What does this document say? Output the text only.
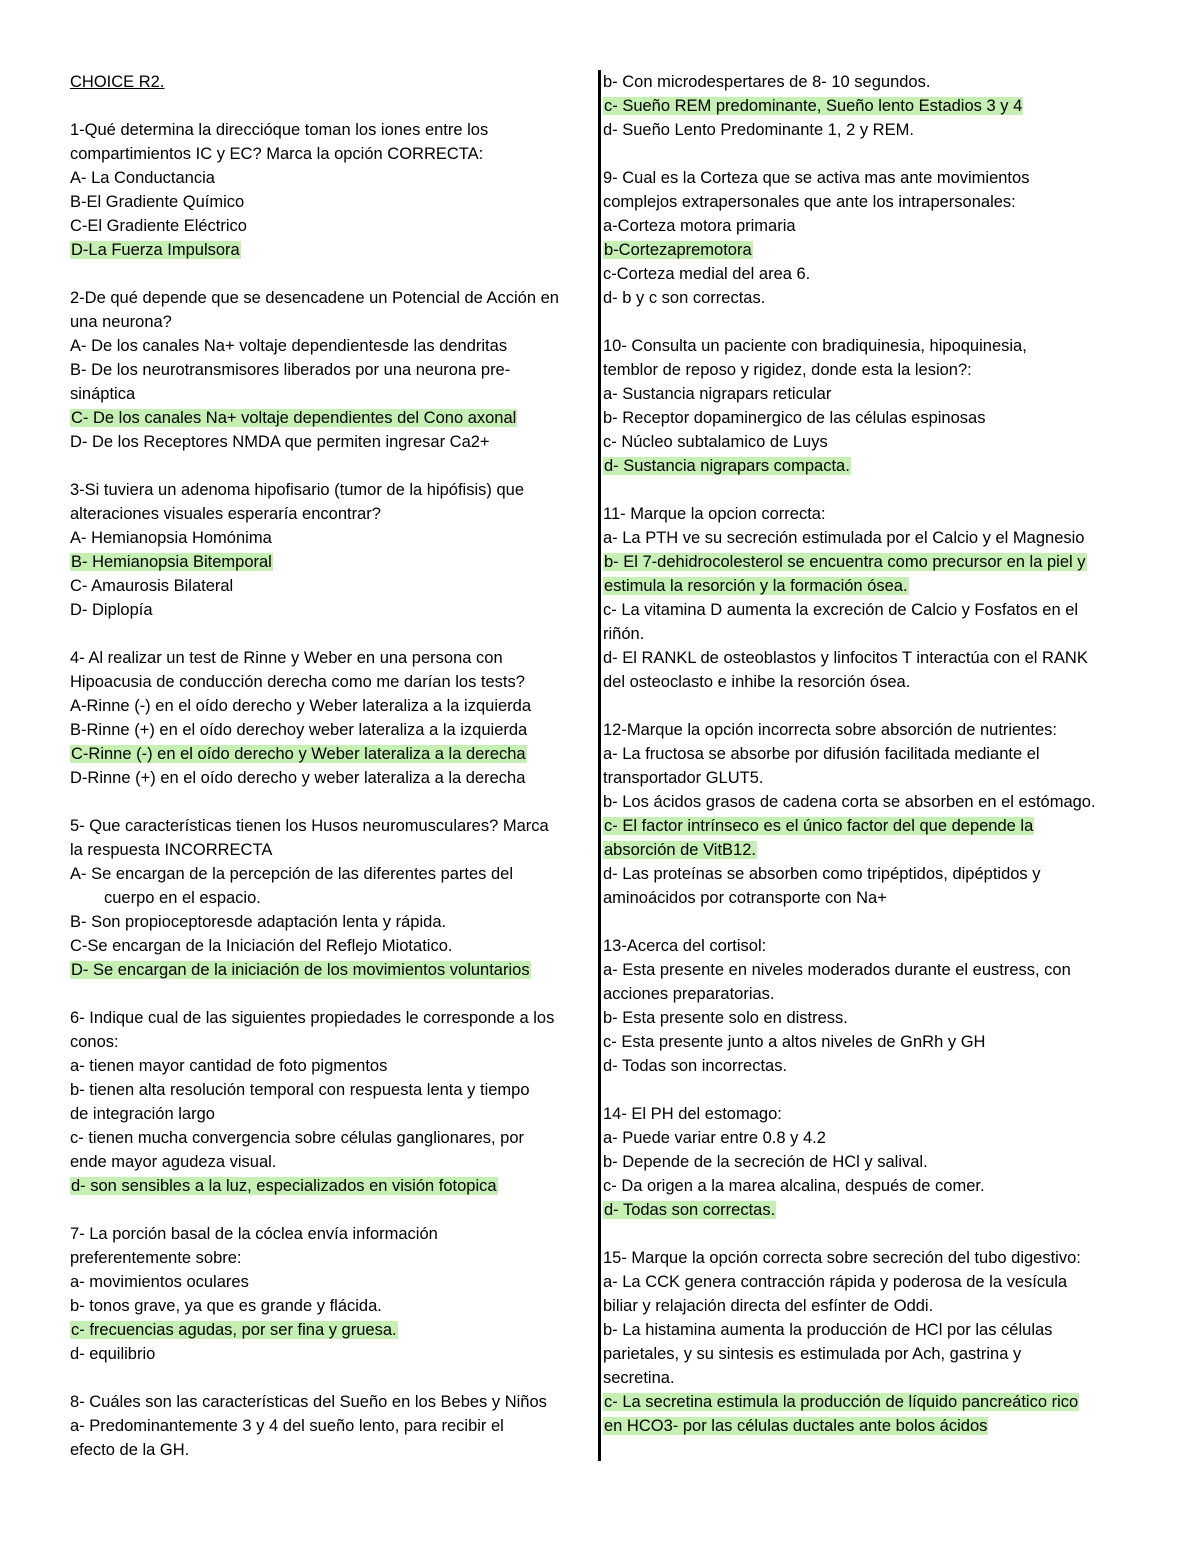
CHOICE R2.
1-Qué determina la direccióque toman los iones entre los
compartimientos IC y EC? Marca la opción CORRECTA:
A- La Conductancia
B-El Gradiente Químico
C-El Gradiente Eléctrico
D-La Fuerza Impulsora
2-De qué depende que se desencadene un Potencial de Acción en
una neurona?
A- De los canales Na+ voltaje dependientesde las dendritas
B- De los neurotransmisores liberados por una neurona pre-
sináptica
C- De los canales Na+ voltaje dependientes del Cono axonal
D- De los Receptores NMDA que permiten ingresar Ca2+
3-Si tuviera un adenoma hipofisario (tumor de la hipófisis) que
alteraciones visuales esperaría encontrar?
A- Hemianopsia Homónima
B- Hemianopsia Bitemporal
C- Amaurosis Bilateral
D- Diplopía
4- Al realizar un test de Rinne y Weber en una persona con
Hipoacusia de conducción derecha como me darían los tests?
A-Rinne (-) en el oído derecho y Weber lateraliza a la izquierda
B-Rinne (+) en el oído derechoy weber lateraliza a la izquierda
C-Rinne (-) en el oído derecho y Weber lateraliza a la derecha
D-Rinne (+) en el oído derecho y weber lateraliza a la derecha
5- Que características tienen los Husos neuromusculares? Marca
la respuesta INCORRECTA
A- Se encargan de la percepción de las diferentes partes del
cuerpo en el espacio.
B- Son propioceptoresde adaptación lenta y rápida.
C-Se encargan de la Iniciación del Reflejo Miotatico.
D- Se encargan de la iniciación de los movimientos voluntarios
6- Indique cual de las siguientes propiedades le corresponde a los
conos:
a- tienen mayor cantidad de foto pigmentos
b- tienen alta resolución temporal con respuesta lenta y tiempo
de integración largo
c- tienen mucha convergencia sobre células ganglionares, por
ende mayor agudeza visual.
d- son sensibles a la luz, especializados en visión fotopica
7- La porción basal de la cóclea envía información
preferentemente sobre:
a- movimientos oculares
b- tonos grave, ya que es grande y flácida.
c- frecuencias agudas, por ser fina y gruesa.
d- equilibrio
8- Cuáles son las características del Sueño en los Bebes y Niños
a- Predominantemente 3 y 4 del sueño lento, para recibir el
efecto de la GH.
b- Con microdespertares de 8- 10 segundos.
c- Sueño REM predominante, Sueño lento Estadios 3 y 4
d- Sueño Lento Predominante 1, 2 y REM.
9- Cual es la Corteza que se activa mas ante movimientos
complejos extrapersonales que ante los intrapersonales:
a-Corteza motora primaria
b-Cortezapremotora
c-Corteza medial del area 6.
d- b y c son correctas.
10- Consulta un paciente con bradiquinesia, hipoquinesia,
temblor de reposo y rigidez, donde esta la lesion?:
a- Sustancia nigrapars reticular
b- Receptor dopaminergico de las células espinosas
c- Núcleo subtalamico de Luys
d- Sustancia nigrapars compacta.
11- Marque la opcion correcta:
a- La PTH ve su secreción estimulada por el Calcio y el Magnesio
b- El 7-dehidrocolesterol se encuentra como precursor en la piel y
estimula la resorción y la formación ósea.
c- La vitamina D aumenta la excreción de Calcio y Fosfatos en el
riñón.
d- El RANKL de osteoblastos y linfocitos T interactúa con el RANK
del osteoclasto e inhibe la resorción ósea.
12-Marque la opción incorrecta sobre absorción de nutrientes:
a- La fructosa se absorbe por difusión facilitada mediante el
transportador GLUT5.
b- Los ácidos grasos de cadena corta se absorben en el estómago.
c- El factor intrínseco es el único factor del que depende la
absorción de VitB12.
d- Las proteínas se absorben como tripéptidos, dipéptidos y
aminoácidos por cotransporte con Na+
13-Acerca del cortisol:
a- Esta presente en niveles moderados durante el eustress, con
acciones preparatorias.
b- Esta presente solo en distress.
c- Esta presente junto a altos niveles de GnRh y GH
d- Todas son incorrectas.
14- El PH del estomago:
a- Puede variar entre 0.8 y 4.2
b- Depende de la secreción de HCl y salival.
c- Da origen a la marea alcalina, después de comer.
d- Todas son correctas.
15- Marque la opción correcta sobre secreción del tubo digestivo:
a- La CCK genera contracción rápida y poderosa de la vesícula
biliar y relajación directa del esfínter de Oddi.
b- La histamina aumenta la producción de HCl por las células
parietales, y su sintesis es estimulada por Ach, gastrina y
secretina.
c- La secretina estimula la producción de líquido pancreático rico
en HCO3- por las células ductales ante bolos ácidos
